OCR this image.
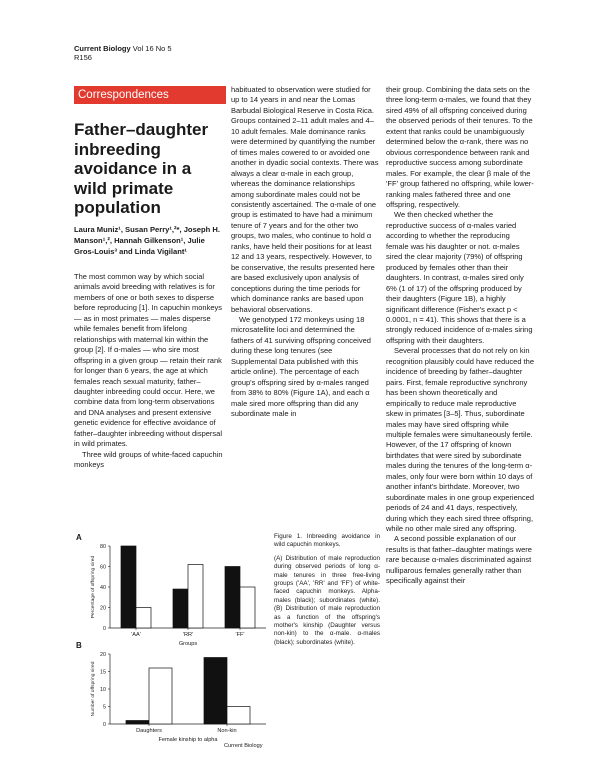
Current Biology Vol 16 No 5
R156
Correspondences
Father–daughter inbreeding avoidance in a wild primate population
Laura Muniz¹, Susan Perry¹,²*, Joseph H. Manson¹,², Hannah Gilkenson¹, Julie Gros-Louis³ and Linda Vigilant¹

The most common way by which social animals avoid breeding with relatives is for members of one or both sexes to disperse before reproducing [1]. In capuchin monkeys — as in most primates — males disperse while females benefit from lifelong relationships with maternal kin within the group [2]. If α-males — who sire most offspring in a given group — retain their rank for longer than 6 years, the age at which females reach sexual maturity, father–daughter inbreeding could occur. Here, we combine data from long-term observations and DNA analyses and present extensive genetic evidence for effective avoidance of father–daughter inbreeding without dispersal in wild primates.

Three wild groups of white-faced capuchin monkeys

habituated to observation were studied for up to 14 years in and near the Lomas Barbudal Biological Reserve in Costa Rica. Groups contained 2–11 adult males and 4–10 adult females. Male dominance ranks were determined by quantifying the number of times males cowered to or avoided one another in dyadic social contexts. There was always a clear α-male in each group, whereas the dominance relationships among subordinate males could not be consistently ascertained. The α-male of one group is estimated to have had a minimum tenure of 7 years and for the other two groups, two males, who continue to hold α ranks, have held their positions for at least 12 and 13 years, respectively. However, to be conservative, the results presented here are based exclusively upon analysis of conceptions during the time periods for which dominance ranks are based upon behavioral observations.

We genotyped 172 monkeys using 18 microsatellite loci and determined the fathers of 41 surviving offspring conceived during these long tenures (see Supplemental Data published with this article online). The percentage of each group's offspring sired by α-males ranged from 38% to 80% (Figure 1A), and each α male sired more offspring than did any subordinate male in

their group. Combining the data sets on the three long-term α-males, we found that they sired 49% of all offspring conceived during the observed periods of their tenures. To the extent that ranks could be unambiguously determined below the α-rank, there was no obvious correspondence between rank and reproductive success among subordinate males. For example, the clear β male of the 'FF' group fathered no offspring, while lower-ranking males fathered three and one offspring, respectively.

We then checked whether the reproductive success of α-males varied according to whether the reproducing female was his daughter or not. α-males sired the clear majority (79%) of offspring produced by females other than their daughters. In contrast, α-males sired only 6% (1 of 17) of the offspring produced by their daughters (Figure 1B), a highly significant difference (Fisher's exact p < 0.0001, n = 41). This shows that there is a strongly reduced incidence of α-males siring offspring with their daughters.

Several processes that do not rely on kin recognition plausibly could have reduced the incidence of breeding by father–daughter pairs. First, female reproductive synchrony has been shown theoretically and empirically to reduce male reproductive skew in primates [3–5]. Thus, subordinate males may have sired offspring while multiple females were simultaneously fertile. However, of the 17 offspring of known birthdates that were sired by subordinate males during the tenures of the long-term α-males, only four were born within 10 days of another infant's birthdate. Moreover, two subordinate males in one group experienced periods of 24 and 41 days, respectively, during which they each sired three offspring, while no other male sired any offspring.

A second possible explanation of our results is that father–daughter matings were rare because α-males discriminated against nulliparous females generally rather than specifically against their

A
0
20
40
60
80
Percentage of offspring sired
'AA'	'RR'	'FF'
Groups
B
0
5
10
15
20
Number of offspring sired
Daughters	Non-kin
Female kinship to alpha

Figure 1. Inbreeding avoidance in wild capuchin monkeys.

(A) Distribution of male reproduction during observed periods of long α-male tenures in three free-living groups ('AA', 'RR' and 'FF') of white-faced capuchin monkeys. Alpha-males (black); subordinates (white). (B) Distribution of male reproduction as a function of the offspring's mother's kinship (Daughter versus non-kin) to the α-male. α-males (black); subordinates (white).

Current Biology
